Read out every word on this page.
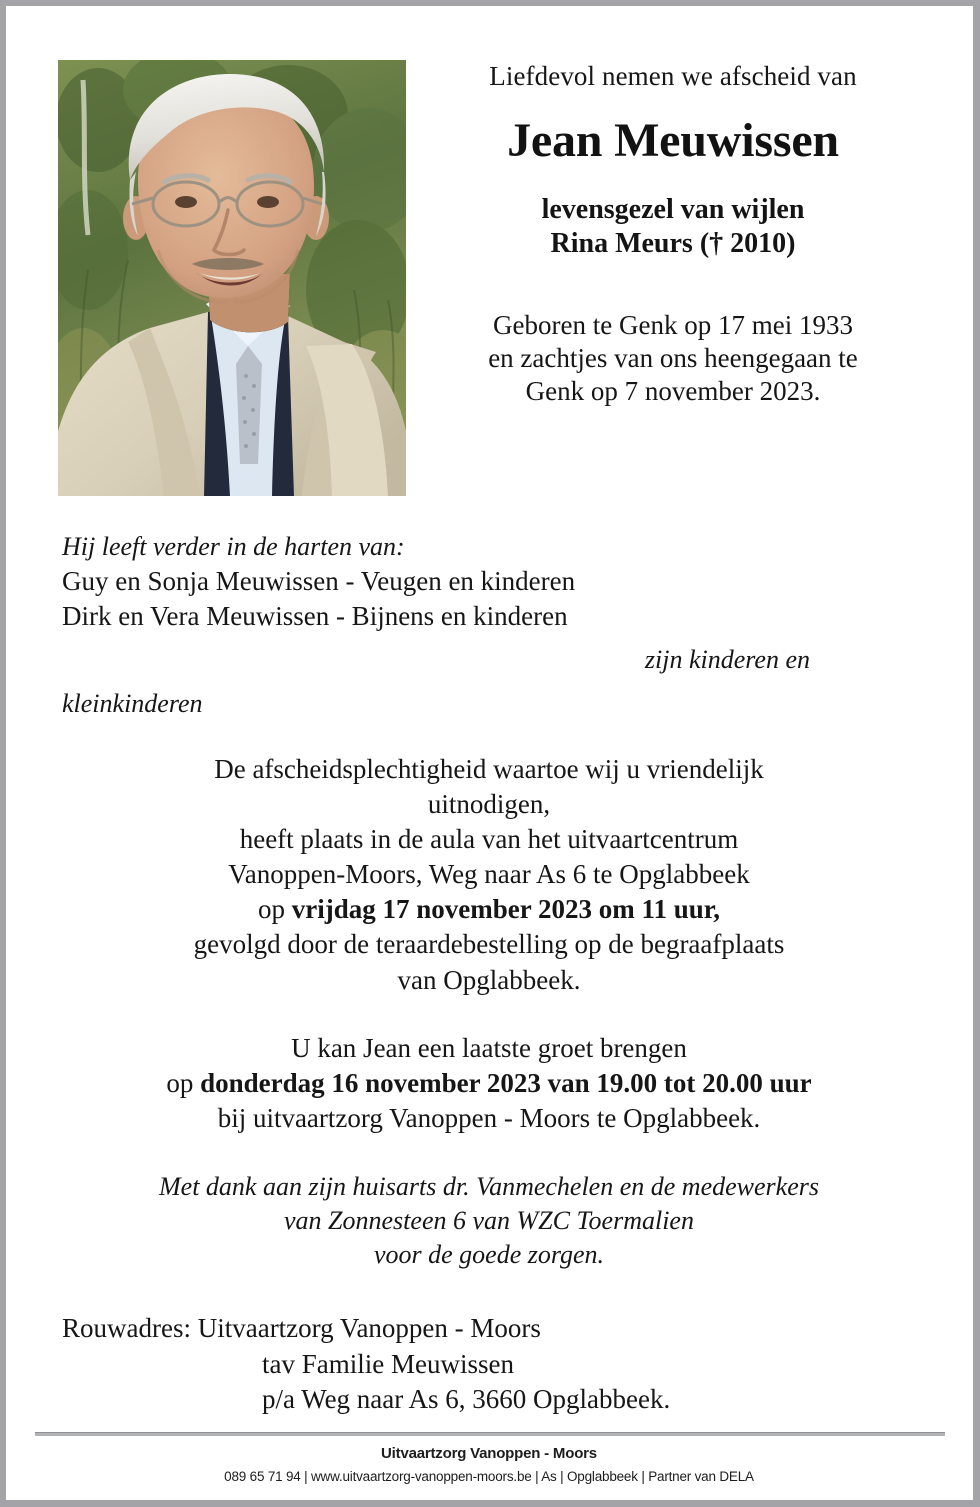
Liefdevol nemen we afscheid van
Jean Meuwissen
levensgezel van wijlen
Rina Meurs († 2010)
Geboren te Genk op 17 mei 1933
en zachtjes van ons heengegaan te
Genk op 7 november 2023.
Hij leeft verder in de harten van:
Guy en Sonja Meuwissen - Veugen en kinderen
Dirk en Vera Meuwissen - Bijnens en kinderen
zijn kinderen en
kleinkinderen
De afscheidsplechtigheid waartoe wij u vriendelijk
uitnodigen,
heeft plaats in de aula van het uitvaartcentrum
Vanoppen-Moors, Weg naar As 6 te Opglabbeek
op vrijdag 17 november 2023 om 11 uur,
gevolgd door de teraardebestelling op de begraafplaats
van Opglabbeek.
U kan Jean een laatste groet brengen
op donderdag 16 november 2023 van 19.00 tot 20.00 uur
bij uitvaartzorg Vanoppen - Moors te Opglabbeek.
Met dank aan zijn huisarts dr. Vanmechelen en de medewerkers
van Zonnesteen 6 van WZC Toermalien
voor de goede zorgen.
Rouwadres: Uitvaartzorg Vanoppen - Moors
tav Familie Meuwissen
p/a Weg naar As 6, 3660 Opglabbeek.
Uitvaartzorg Vanoppen - Moors
089 65 71 94 | www.uitvaartzorg-vanoppen-moors.be | As | Opglabbeek | Partner van DELA
